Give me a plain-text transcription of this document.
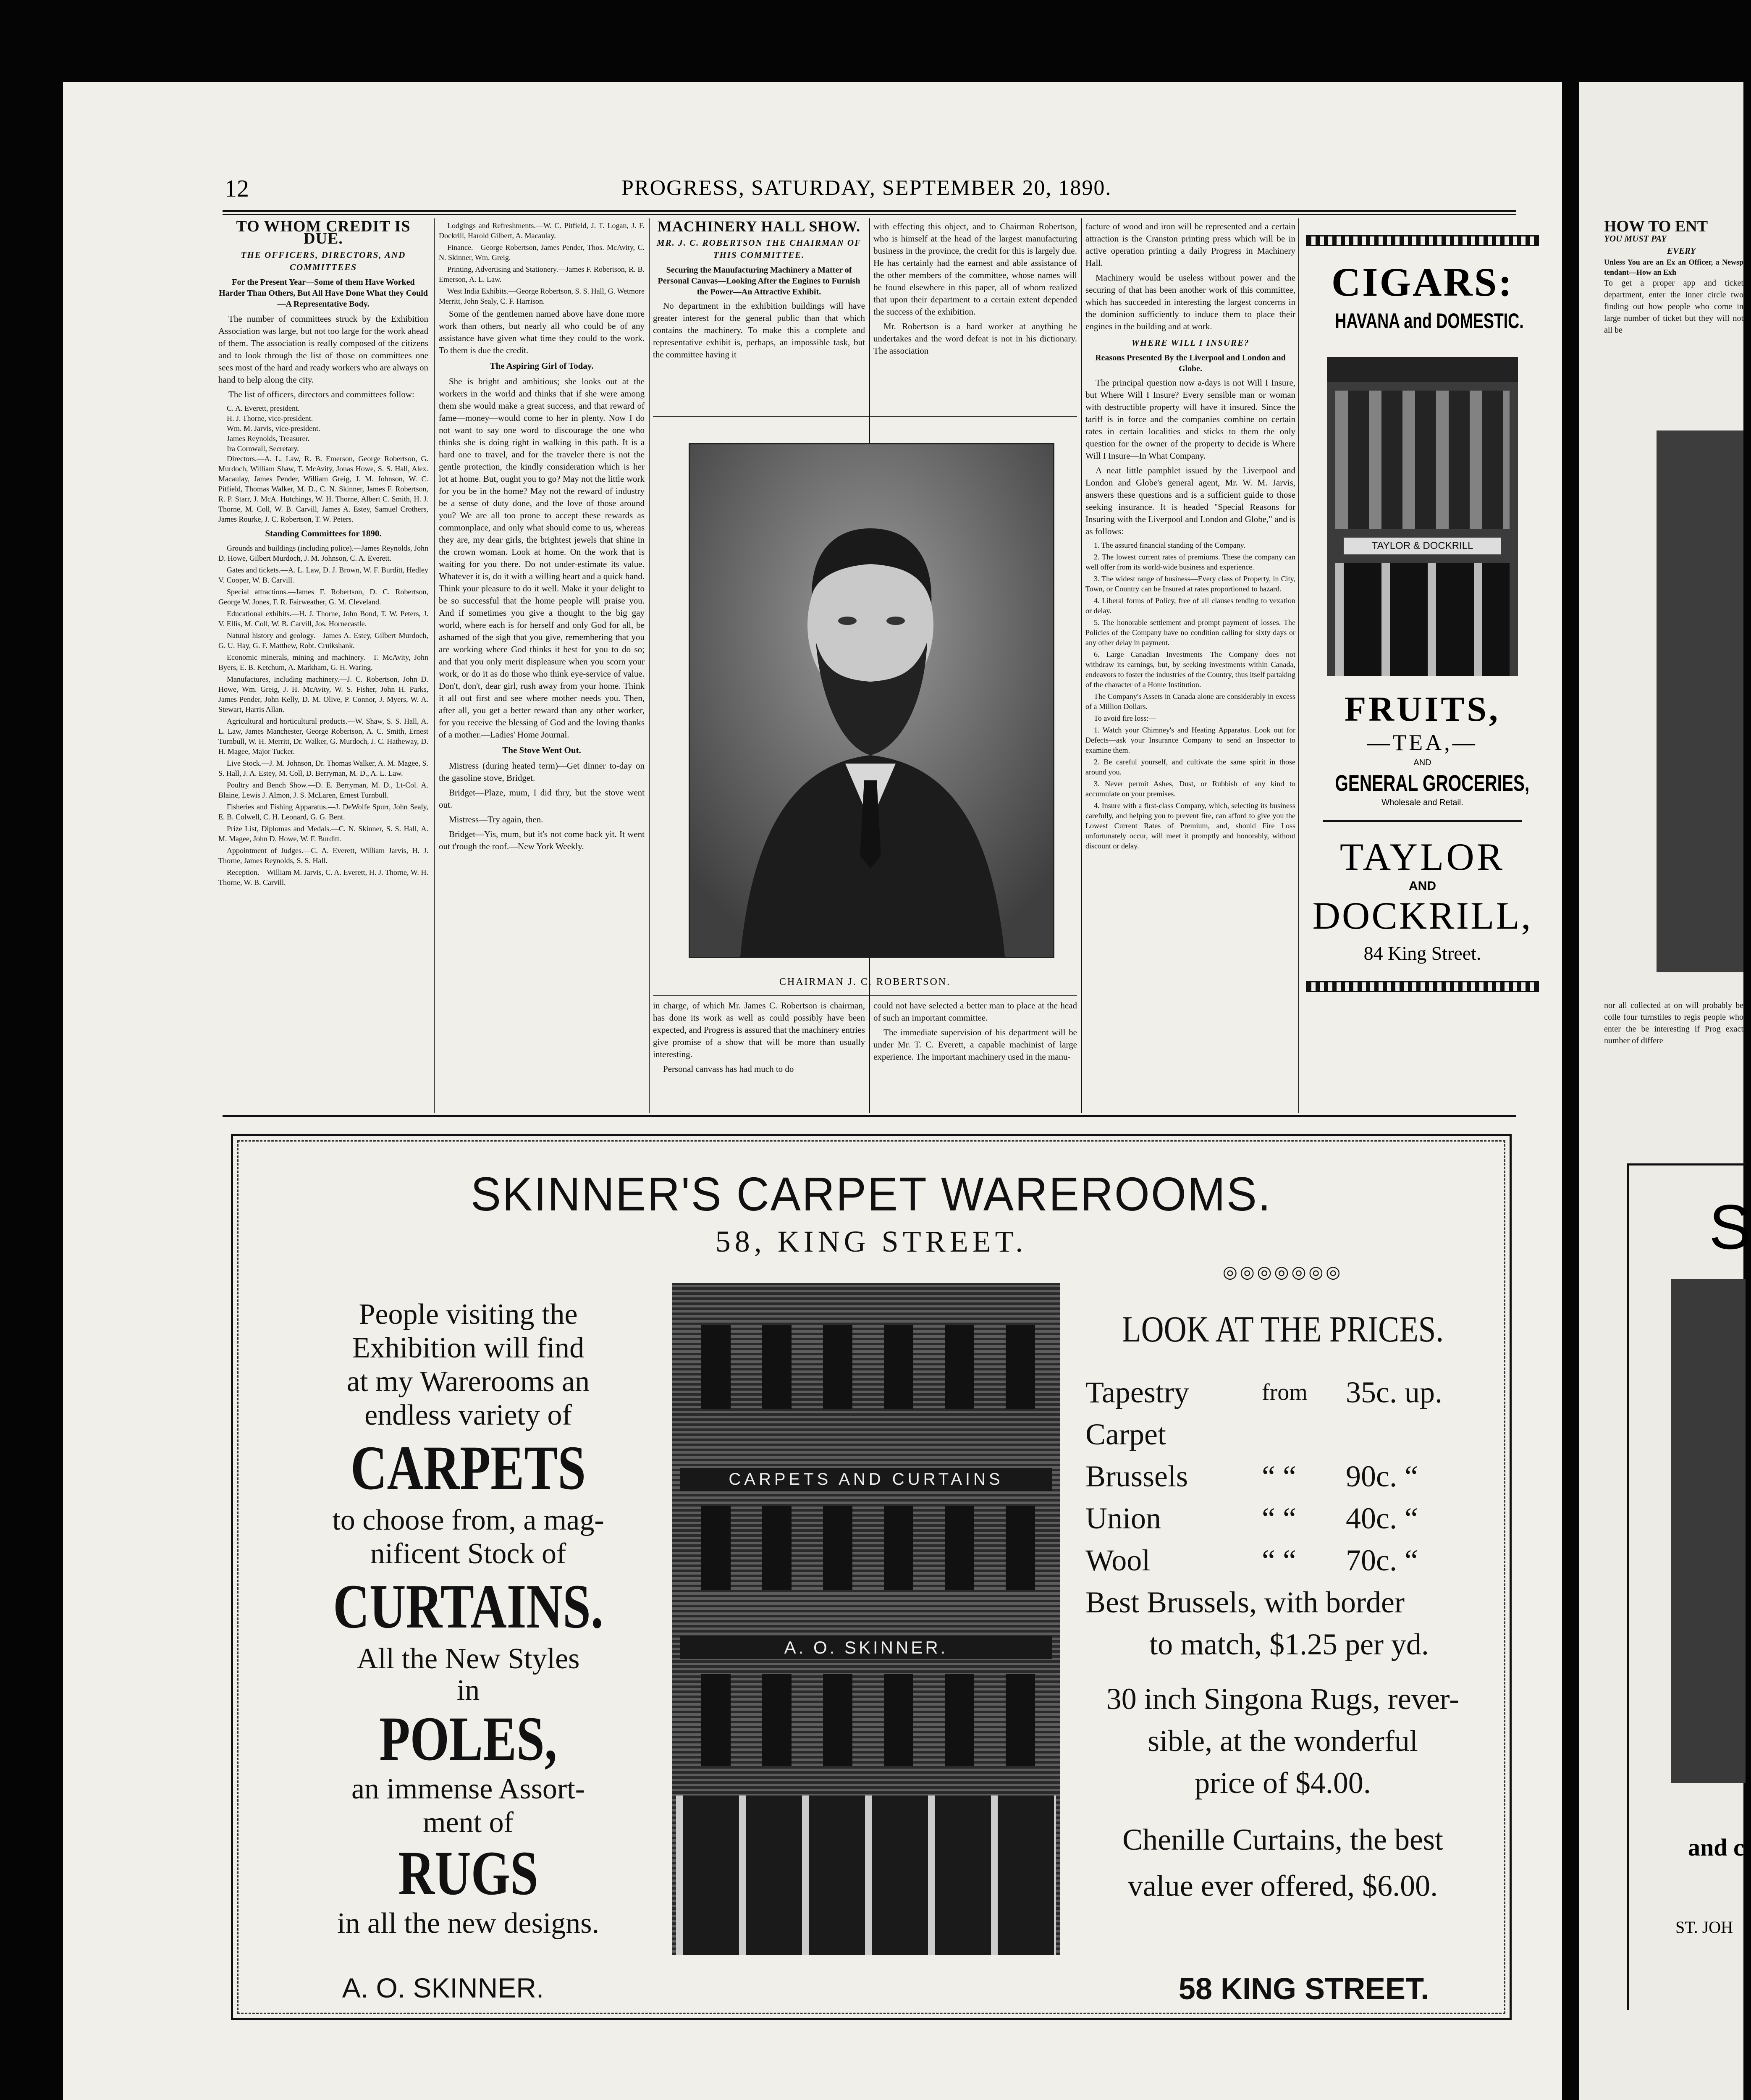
12	PROGRESS, SATURDAY, SEPTEMBER 20, 1890.
TO WHOM CREDIT IS DUE.
THE OFFICERS, DIRECTORS, AND COMMITTEES
For the Present Year—Some of them Have Worked Harder Than Others, But All Have Done What they Could—A Representative Body.

The number of committees struck by the Exhibition Association was large, but not too large for the work ahead of them. The association is really composed of the citizens and to look through the list of those on committees one sees most of the hard and ready workers who are always on hand to help along the city.

The list of officers, directors and committees follow:

C. A. Everett, president.
H. J. Thorne, vice-president.
Wm. M. Jarvis, vice-president.
James Reynolds, Treasurer.
Ira Cornwall, Secretary.
Directors.—A. L. Law, R. B. Emerson, George Robertson, G. Murdoch, William Shaw, T. McAvity, Jonas Howe, S. S. Hall, Alex. Macaulay, James Pender, William Greig, J. M. Johnson, W. C. Pitfield, Thomas Walker, M. D., C. N. Skinner, James F. Robertson, R. P. Starr, J. McA. Hutchings, W. H. Thorne, Albert C. Smith, H. J. Thorne, M. Coll, W. B. Carvill, James A. Estey, Samuel Crothers, James Rourke, J. C. Robertson, T. W. Peters.
Standing Committees for 1890.
Grounds and buildings (including police).—James Reynolds, John D. Howe, Gilbert Murdoch, J. M. Johnson, C. A. Everett.
Gates and tickets.—A. L. Law, D. J. Brown, W. F. Burditt, Hedley V. Cooper, W. B. Carvill.
Special attractions.—James F. Robertson, D. C. Robertson, George W. Jones, F. R. Fairweather, G. M. Cleveland.
Educational exhibits.—H. J. Thorne, John Bond, T. W. Peters, J. V. Ellis, M. Coll, W. B. Carvill, Jos. Hornecastle.
Natural history and geology.—James A. Estey, Gilbert Murdoch, G. U. Hay, G. F. Matthew, Robt. Cruikshank.
Economic minerals, mining and machinery.—T. McAvity, John Byers, E. B. Ketchum, A. Markham, G. H. Waring.
Manufactures, including machinery.—J. C. Robertson, John D. Howe, Wm. Greig, J. H. McAvity, W. S. Fisher, John H. Parks, James Pender, John Kelly, D. M. Olive, P. Connor, J. Myers, W. A. Stewart, Harris Allan.
Agricultural and horticultural products.—W. Shaw, S. S. Hall, A. L. Law, James Manchester, George Robertson, A. C. Smith, Ernest Turnbull, W. H. Merritt, Dr. Walker, G. Murdoch, J. C. Hatheway, D. H. Magee, Major Tucker.
Live Stock.—J. M. Johnson, Dr. Thomas Walker, A. M. Magee, S. S. Hall, J. A. Estey, M. Coll, D. Berryman, M. D., A. L. Law.
Poultry and Bench Show.—D. E. Berryman, M. D., Lt-Col. A. Blaine, Lewis J. Almon, J. S. McLaren, Ernest Turnbull.
Fisheries and Fishing Apparatus.—J. DeWolfe Spurr, John Sealy, E. B. Colwell, C. H. Leonard, G. G. Bent.
Prize List, Diplomas and Medals.—C. N. Skinner, S. S. Hall, A. M. Magee, John D. Howe, W. F. Burditt.
Appointment of Judges.—C. A. Everett, William Jarvis, H. J. Thorne, James Reynolds, S. S. Hall.
Reception.—William M. Jarvis, C. A. Everett, H. J. Thorne, W. H. Thorne, W. B. Carvill.
Lodgings and Refreshments.—W. C. Pitfield, J. T. Logan, J. F. Dockrill, Harold Gilbert, A. Macaulay.
Finance.—George Robertson, James Pender, Thos. McAvity, C. N. Skinner, Wm. Greig.
Printing, Advertising and Stationery.—James F. Robertson, R. B. Emerson, A. L. Law.
West India Exhibits.—George Robertson, S. S. Hall, G. Wetmore Merritt, John Sealy, C. F. Harrison.

Some of the gentlemen named above have done more work than others, but nearly all who could be of any assistance have given what time they could to the work. To them is due the credit.

The Aspiring Girl of Today.

She is bright and ambitious; she looks out at the workers in the world and thinks that if she were among them she would make a great success, and that reward of fame—money—would come to her in plenty. Now I do not want to say one word to discourage the one who thinks she is doing right in walking in this path. It is a hard one to travel, and for the traveler there is not the gentle protection, the kindly consideration which is her lot at home. But, ought you to go? May not the little work for you be in the home? May not the reward of industry be a sense of duty done, and the love of those around you? We are all too prone to accept these rewards as commonplace, and only what should come to us, whereas they are, my dear girls, the brightest jewels that shine in the crown woman. Look at home. On the work that is waiting for you there. Do not under-estimate its value. Whatever it is, do it with a willing heart and a quick hand. Think your pleasure to do it well. Make it your delight to be so successful that the home people will praise you. And if sometimes you give a thought to the big gay world, where each is for herself and only God for all, be ashamed of the sigh that you give, remembering that you are working where God thinks it best for you to do so; and that you only merit displeasure when you scorn your work, or do it as do those who think eye-service of value. Don't, don't, dear girl, rush away from your home. Think it all out first and see where mother needs you. Then, after all, you get a better reward than any other worker, for you receive the blessing of God and the loving thanks of a mother.—Ladies' Home Journal.

The Stove Went Out.

Mistress (during heated term)—Get dinner to-day on the gasoline stove, Bridget.

Bridget—Plaze, mum, I did thry, but the stove went out.

Mistress—Try again, then.

Bridget—Yis, mum, but it's not come back yit. It went out t'rough the roof.—New York Weekly.

MACHINERY HALL SHOW.
MR. J. C. ROBERTSON THE CHAIRMAN OF THIS COMMITTEE.
Securing the Manufacturing Machinery a Matter of Personal Canvas—Looking After the Engines to Furnish the Power—An Attractive Exhibit.

No department in the exhibition buildings will have greater interest for the general public than that which contains the machinery. To make this a complete and representative exhibit is, perhaps, an impossible task, but the committee having it

with effecting this object, and to Chairman Robertson, who is himself at the head of the largest manufacturing business in the province, the credit for this is largely due. He has certainly had the earnest and able assistance of the other members of the committee, whose names will be found elsewhere in this paper, all of whom realized that upon their department to a certain extent depended the success of the exhibition.

Mr. Robertson is a hard worker at anything he undertakes and the word defeat is not in his dictionary. The association

CHAIRMAN J. C. ROBERTSON.

in charge, of which Mr. James C. Robertson is chairman, has done its work as well as could possibly have been expected, and Progress is assured that the machinery entries give promise of a show that will be more than usually interesting.

Personal canvass has had much to do

could not have selected a better man to place at the head of such an important committee.

The immediate supervision of his department will be under Mr. T. C. Everett, a capable machinist of large experience. The important machinery used in the manu-

facture of wood and iron will be represented and a certain attraction is the Cranston printing press which will be in active operation printing a daily Progress in Machinery Hall.

Machinery would be useless without power and the securing of that has been another work of this committee, which has succeeded in interesting the largest concerns in the dominion sufficiently to induce them to place their engines in the building and at work.

WHERE WILL I INSURE?
Reasons Presented By the Liverpool and London and Globe.

The principal question now a-days is not Will I Insure, but Where Will I Insure? Every sensible man or woman with destructible property will have it insured. Since the tariff is in force and the companies combine on certain rates in certain localities and sticks to them the only question for the owner of the property to decide is Where Will I Insure—In What Company.

A neat little pamphlet issued by the Liverpool and London and Globe's general agent, Mr. W. M. Jarvis, answers these questions and is a sufficient guide to those seeking insurance. It is headed "Special Reasons for Insuring with the Liverpool and London and Globe," and is as follows:

1. The assured financial standing of the Company.
2. The lowest current rates of premiums. These the company can well offer from its world-wide business and experience.
3. The widest range of business—Every class of Property, in City, Town, or Country can be Insured at rates proportioned to hazard.
4. Liberal forms of Policy, free of all clauses tending to vexation or delay.
5. The honorable settlement and prompt payment of losses. The Policies of the Company have no condition calling for sixty days or any other delay in payment.
6. Large Canadian Investments—The Company does not withdraw its earnings, but, by seeking investments within Canada, endeavors to foster the industries of the Country, thus itself partaking of the character of a Home Institution.
The Company's Assets in Canada alone are considerably in excess of a Million Dollars.
To avoid fire loss:—
1. Watch your Chimney's and Heating Apparatus. Look out for Defects—ask your Insurance Company to send an Inspector to examine them.
2. Be careful yourself, and cultivate the same spirit in those around you.
3. Never permit Ashes, Dust, or Rubbish of any kind to accumulate on your premises.
4. Insure with a first-class Company, which, selecting its business carefully, and helping you to prevent fire, can afford to give you the Lowest Current Rates of Premium, and, should Fire Loss unfortunately occur, will meet it promptly and honorably, without discount or delay.
CIGARS:
HAVANA and DOMESTIC.
TAYLOR & DOCKRILL
FRUITS,
—TEA,—
AND
GENERAL GROCERIES,
Wholesale and Retail.
TAYLOR
AND
DOCKRILL,
84 King Street.
SKINNER'S CARPET WAREROOMS.
58, KING STREET.
People visiting the
Exhibition will find
at my Warerooms an
endless variety of
CARPETS
to choose from, a mag-
nificent Stock of
CURTAINS.
All the New Styles
in
POLES,
an immense Assort-
ment of
RUGS
in all the new designs.
CARPETS AND CURTAINS
A. O. SKINNER.
◎◎◎◎◎◎◎
LOOK AT THE PRICES.
Tapestry Carpet
from	35c. up.
Brussels	“ “	90c. “
Union	“ “	40c. “
Wool	“ “	70c. “
Best Brussels, with border
to match, $1.25 per yd.
30 inch Singona Rugs, rever-
sible, at the wonderful
price of $4.00.
Chenille Curtains, the best
value ever offered, $6.00.
A. O. SKINNER.	58 KING STREET.
HOW TO ENT
YOU MUST PAY
EVERY
Unless You are an Ex an Officer, a Newsp tendant—How an Exh
To get a proper app and ticket department, enter the inner circle two finding out how people who come in large number of ticket but they will not all be
nor all collected at on will probably be colle four turnstiles to regis people who enter the be interesting if Prog exact number of differe
S
and c
ST. JOH
